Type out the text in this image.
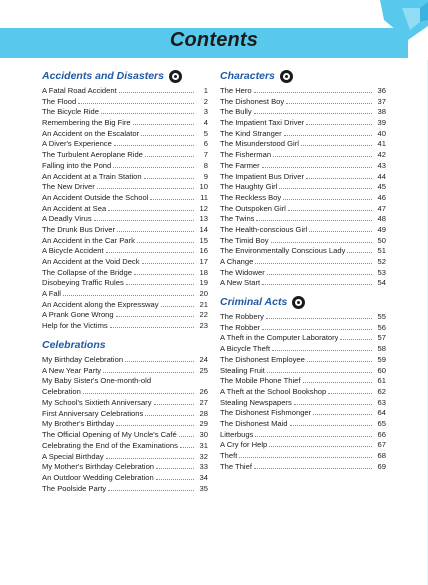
Contents
Accidents and Disasters
A Fatal Road Accident	1
The Flood	2
The Bicycle Ride	3
Remembering the Big Fire	4
An Accident on the Escalator	5
A Diver's Experience	6
The Turbulent Aeroplane Ride	7
Falling into the Pond	8
An Accident at a Train Station	9
The New Driver	10
An Accident Outside the School	11
An Accident at Sea	12
A Deadly Virus	13
The Drunk Bus Driver	14
An Accident in the Car Park	15
A Bicycle Accident	16
An Accident at the Void Deck	17
The Collapse of the Bridge	18
Disobeying Traffic Rules	19
A Fall	20
An Accident along the Expressway	21
A Prank Gone Wrong	22
Help for the Victims	23
Celebrations
My Birthday Celebration	24
A New Year Party	25
My Baby Sister's One-month-old
Celebration	26
My School's Sixtieth Anniversary	27
First Anniversary Celebrations	28
My Brother's Birthday	29
The Official Opening of My Uncle's Café	30
Celebrating the End of the Examinations	31
A Special Birthday	32
My Mother's Birthday Celebration	33
An Outdoor Wedding Celebration	34
The Poolside Party	35
Characters
The Hero	36
The Dishonest Boy	37
The Bully	38
The Impatient Taxi Driver	39
The Kind Stranger	40
The Misunderstood Girl	41
The Fisherman	42
The Farmer	43
The Impatient Bus Driver	44
The Haughty Girl	45
The Reckless Boy	46
The Outspoken Girl	47
The Twins	48
The Health-conscious Girl	49
The Timid Boy	50
The Environmentally Conscious Lady	51
A Change	52
The Widower	53
A New Start	54
Criminal Acts
The Robbery	55
The Robber	56
A Theft in the Computer Laboratory	57
A Bicycle Theft	58
The Dishonest Employee	59
Stealing Fruit	60
The Mobile Phone Thief	61
A Theft at the School Bookshop	62
Stealing Newspapers	63
The Dishonest Fishmonger	64
The Dishonest Maid	65
Litterbugs	66
A Cry for Help	67
Theft	68
The Thief	69
